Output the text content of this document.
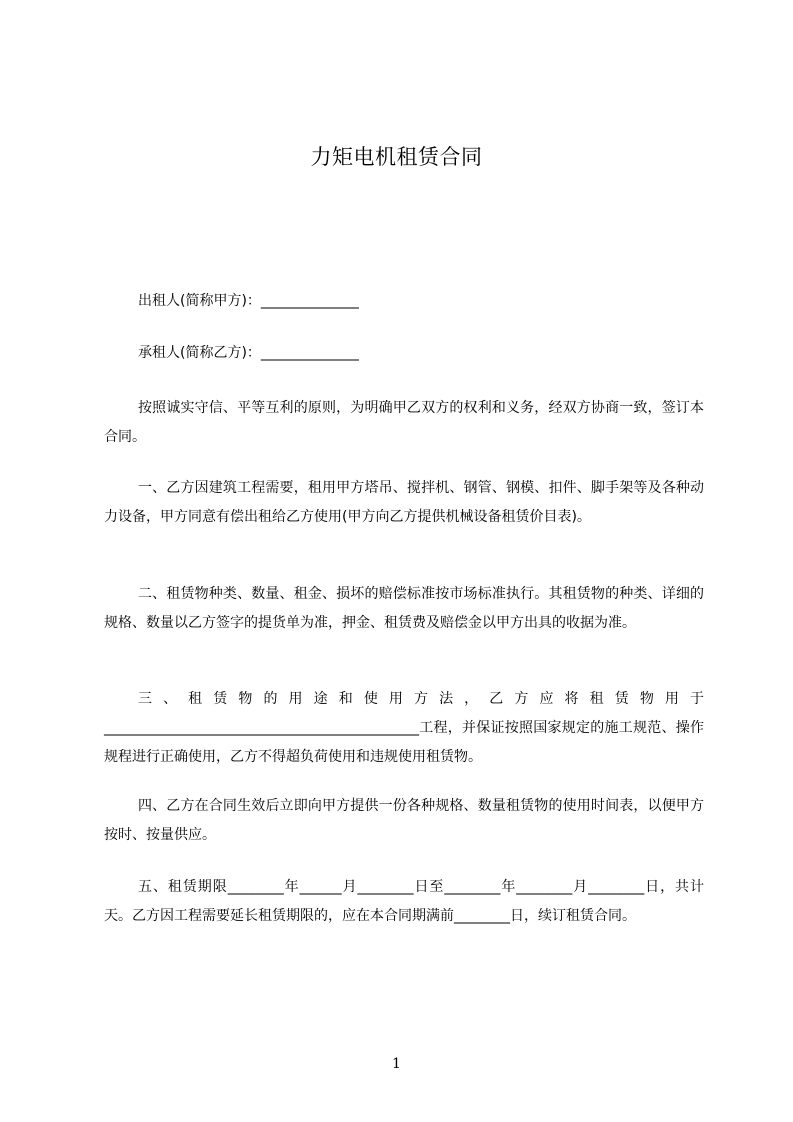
力矩电机租赁合同
出租人(简称甲方)：______________
承租人(简称乙方)：______________
按照诚实守信、平等互利的原则，为明确甲乙双方的权利和义务，经双方协商一致，签订本合同。
一、乙方因建筑工程需要，租用甲方塔吊、搅拌机、钢管、钢模、扣件、脚手架等及各种动力设备，甲方同意有偿出租给乙方使用(甲方向乙方提供机械设备租赁价目表)。
二、租赁物种类、数量、租金、损坏的赔偿标准按市场标准执行。其租赁物的种类、详细的规格、数量以乙方签字的提货单为准，押金、租赁费及赔偿金以甲方出具的收据为准。
三、租赁物的用途和使用方法，乙方应将租赁物用于_____________________________________________工程，并保证按照国家规定的施工规范、操作规程进行正确使用，乙方不得超负荷使用和违规使用租赁物。
四、乙方在合同生效后立即向甲方提供一份各种规格、数量租赁物的使用时间表，以便甲方按时、按量供应。
五、租赁期限________年______月________日至________年________月________日，共计天。乙方因工程需要延长租赁期限的，应在本合同期满前________日，续订租赁合同。
1
